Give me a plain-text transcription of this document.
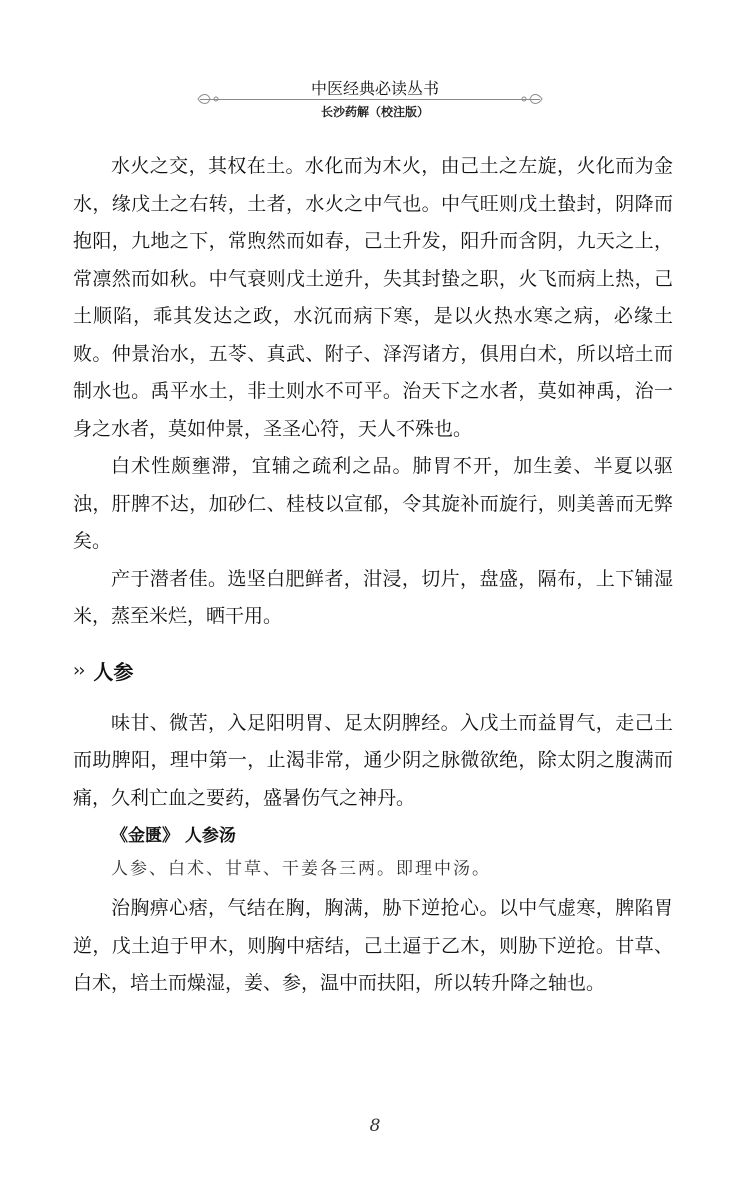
中医经典必读丛书
长沙药解（校注版）

水火之交，其权在土。水化而为木火，由己土之左旋，火化而为金水，缘戊土之右转，土者，水火之中气也。中气旺则戊土蛰封，阴降而抱阳，九地之下，常煦然而如春，己土升发，阳升而含阴，九天之上，常凛然而如秋。中气衰则戊土逆升，失其封蛰之职，火飞而病上热，己土顺陷，乖其发达之政，水沉而病下寒，是以火热水寒之病，必缘土败。仲景治水，五苓、真武、附子、泽泻诸方，俱用白术，所以培土而制水也。禹平水土，非土则水不可平。治天下之水者，莫如神禹，治一身之水者，莫如仲景，圣圣心符，天人不殊也。

白术性颇壅滞，宜辅之疏利之品。肺胃不开，加生姜、半夏以驱浊，肝脾不达，加砂仁、桂枝以宣郁，令其旋补而旋行，则美善而无弊矣。

产于潜者佳。选坚白肥鲜者，泔浸，切片，盘盛，隔布，上下铺湿米，蒸至米烂，晒干用。

›› 人参

味甘、微苦，入足阳明胃、足太阴脾经。入戊土而益胃气，走己土而助脾阳，理中第一，止渴非常，通少阴之脉微欲绝，除太阴之腹满而痛，久利亡血之要药，盛暑伤气之神丹。

《金匮》 人参汤

人参、白术、甘草、干姜各三两。即理中汤。

治胸痹心痞，气结在胸，胸满，胁下逆抢心。以中气虚寒，脾陷胃逆，戊土迫于甲木，则胸中痞结，己土逼于乙木，则胁下逆抢。甘草、白术，培土而燥湿，姜、参，温中而扶阳，所以转升降之轴也。

8
